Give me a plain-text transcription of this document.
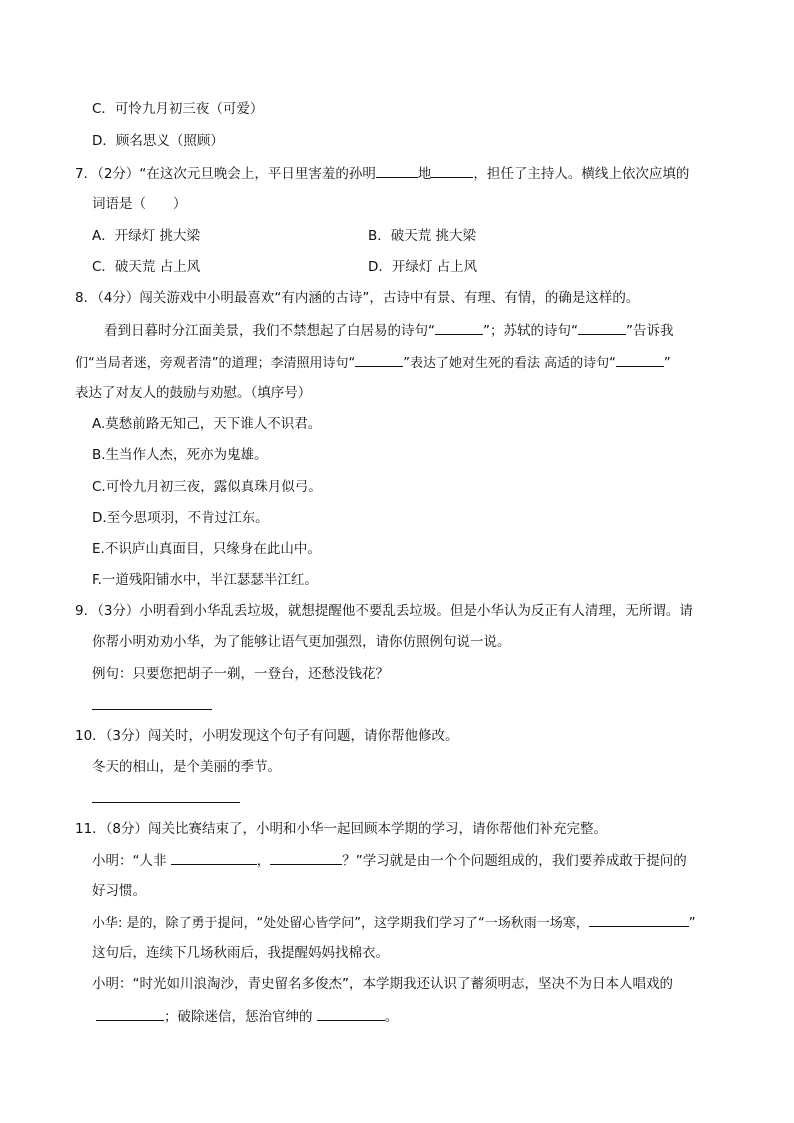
C．可怜九月初三夜（可爱）
D．顾名思义（照顾）
7．（2分）“在这次元旦晚会上，平日里害羞的孙明	地	，担任了主持人。横线上依次应填的
词语是（　　）
A．开绿灯 挑大梁	B．破天荒 挑大梁
C．破天荒 占上风	D．开绿灯 占上风
8．（4分）闯关游戏中小明最喜欢“有内涵的古诗”，古诗中有景、有理、有情，的确是这样的。
看到日暮时分江面美景，我们不禁想起了白居易的诗句“	”；苏轼的诗句“	”告诉我
们“当局者迷，旁观者清”的道理；李清照用诗句“	”表达了她对生死的看法 高适的诗句“	”
表达了对友人的鼓励与劝慰。（填序号）
A.莫愁前路无知己，天下谁人不识君。
B.生当作人杰，死亦为鬼雄。
C.可怜九月初三夜，露似真珠月似弓。
D.至今思项羽，不肯过江东。
E.不识庐山真面目，只缘身在此山中。
F.一道残阳铺水中，半江瑟瑟半江红。
9．（3分）小明看到小华乱丢垃圾，就想提醒他不要乱丢垃圾。但是小华认为反正有人清理，无所谓。请
你帮小明劝劝小华，为了能够让语气更加强烈，请你仿照例句说一说。
例句：只要您把胡子一剃，一登台，还愁没钱花？
10．（3分）闯关时，小明发现这个句子有问题，请你帮他修改。
冬天的相山，是个美丽的季节。
11．（8分）闯关比赛结束了，小明和小华一起回顾本学期的学习，请你帮他们补充完整。
小明：“人非	，	？”学习就是由一个个问题组成的，我们要养成敢于提问的
好习惯。
小华: 是的，除了勇于提问，“处处留心皆学问”，这学期我们学习了“一场秋雨一场寒，	”
这句后，连续下几场秋雨后，我提醒妈妈找棉衣。
小明：“时光如川浪淘沙，青史留名多俊杰”，本学期我还认识了蓄须明志，坚决不为日本人唱戏的
；破除迷信，惩治官绅的	。
